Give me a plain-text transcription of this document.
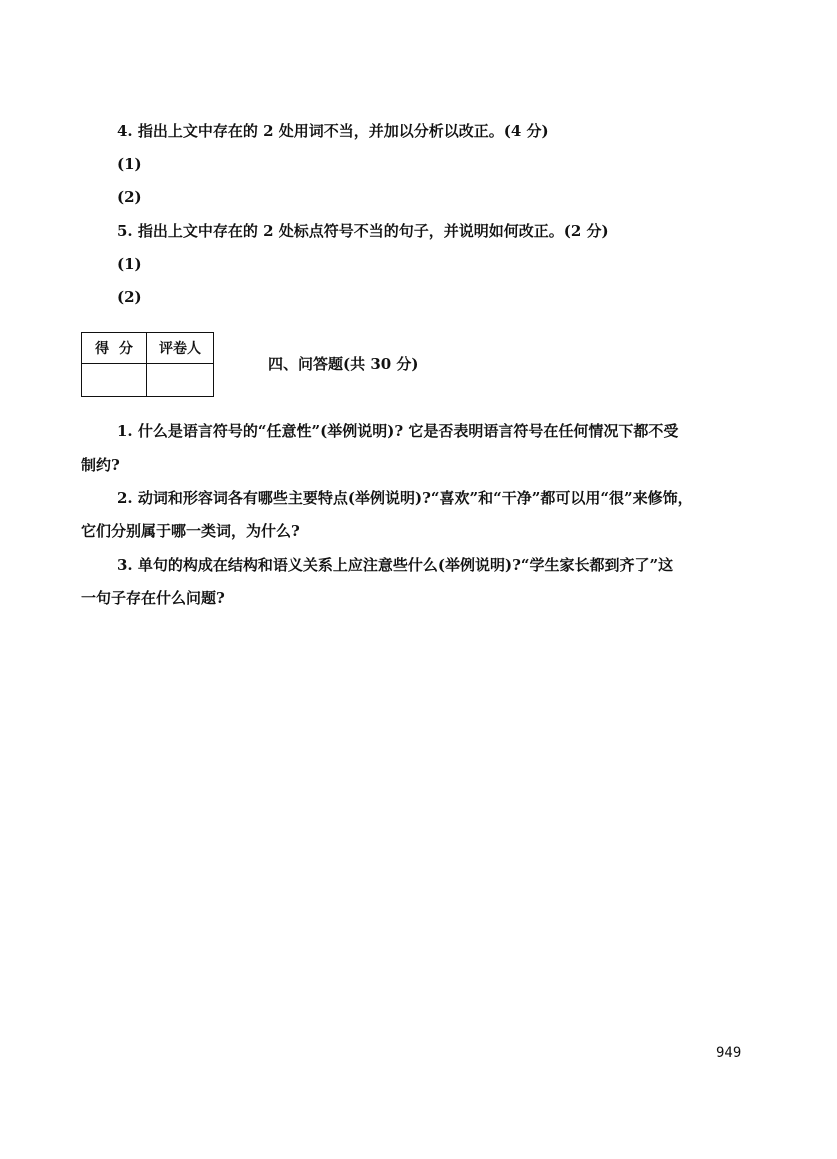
4. 指出上文中存在的 2 处用词不当，并加以分析以改正。(4 分)
(1)
(2)
5. 指出上文中存在的 2 处标点符号不当的句子，并说明如何改正。(2 分)
(1)
(2)
得  分	评卷人

四、问答题(共 30 分)
1. 什么是语言符号的“任意性”(举例说明)? 它是否表明语言符号在任何情况下都不受
制约?
2. 动词和形容词各有哪些主要特点(举例说明)?“喜欢”和“干净”都可以用“很”来修饰，
它们分别属于哪一类词，为什么?
3. 单句的构成在结构和语义关系上应注意些什么(举例说明)?“学生家长都到齐了”这
一句子存在什么问题?
949
